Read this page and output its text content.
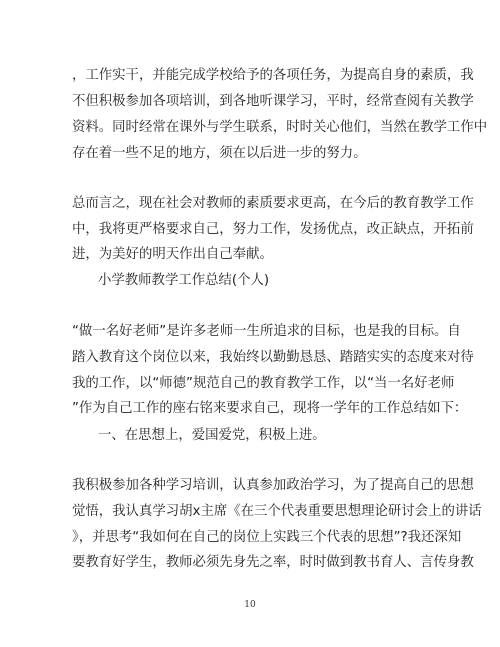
，工作实干，并能完成学校给予的各项任务，为提高自身的素质，我
不但积极参加各项培训，到各地听课学习，平时，经常查阅有关教学
资料。同时经常在课外与学生联系，时时关心他们，当然在教学工作中
存在着一些不足的地方，须在以后进一步的努力。
总而言之，现在社会对教师的素质要求更高，在今后的教育教学工作
中，我将更严格要求自己，努力工作，发扬优点，改正缺点，开拓前
进，为美好的明天作出自己奉献。
小学教师教学工作总结(个人)
“做一名好老师”是许多老师一生所追求的目标，也是我的目标。自
踏入教育这个岗位以来，我始终以勤勤恳恳、踏踏实实的态度来对待
我的工作，以“师德”规范自己的教育教学工作，以“当一名好老师
”作为自己工作的座右铭来要求自己，现将一学年的工作总结如下：
一、在思想上，爱国爱党，积极上进。
我积极参加各种学习培训，认真参加政治学习，为了提高自己的思想
觉悟，我认真学习胡x主席《在三个代表重要思想理论研讨会上的讲话
》，并思考“我如何在自己的岗位上实践三个代表的思想”?我还深知
要教育好学生，教师必须先身先之率，时时做到教书育人、言传身教
10
